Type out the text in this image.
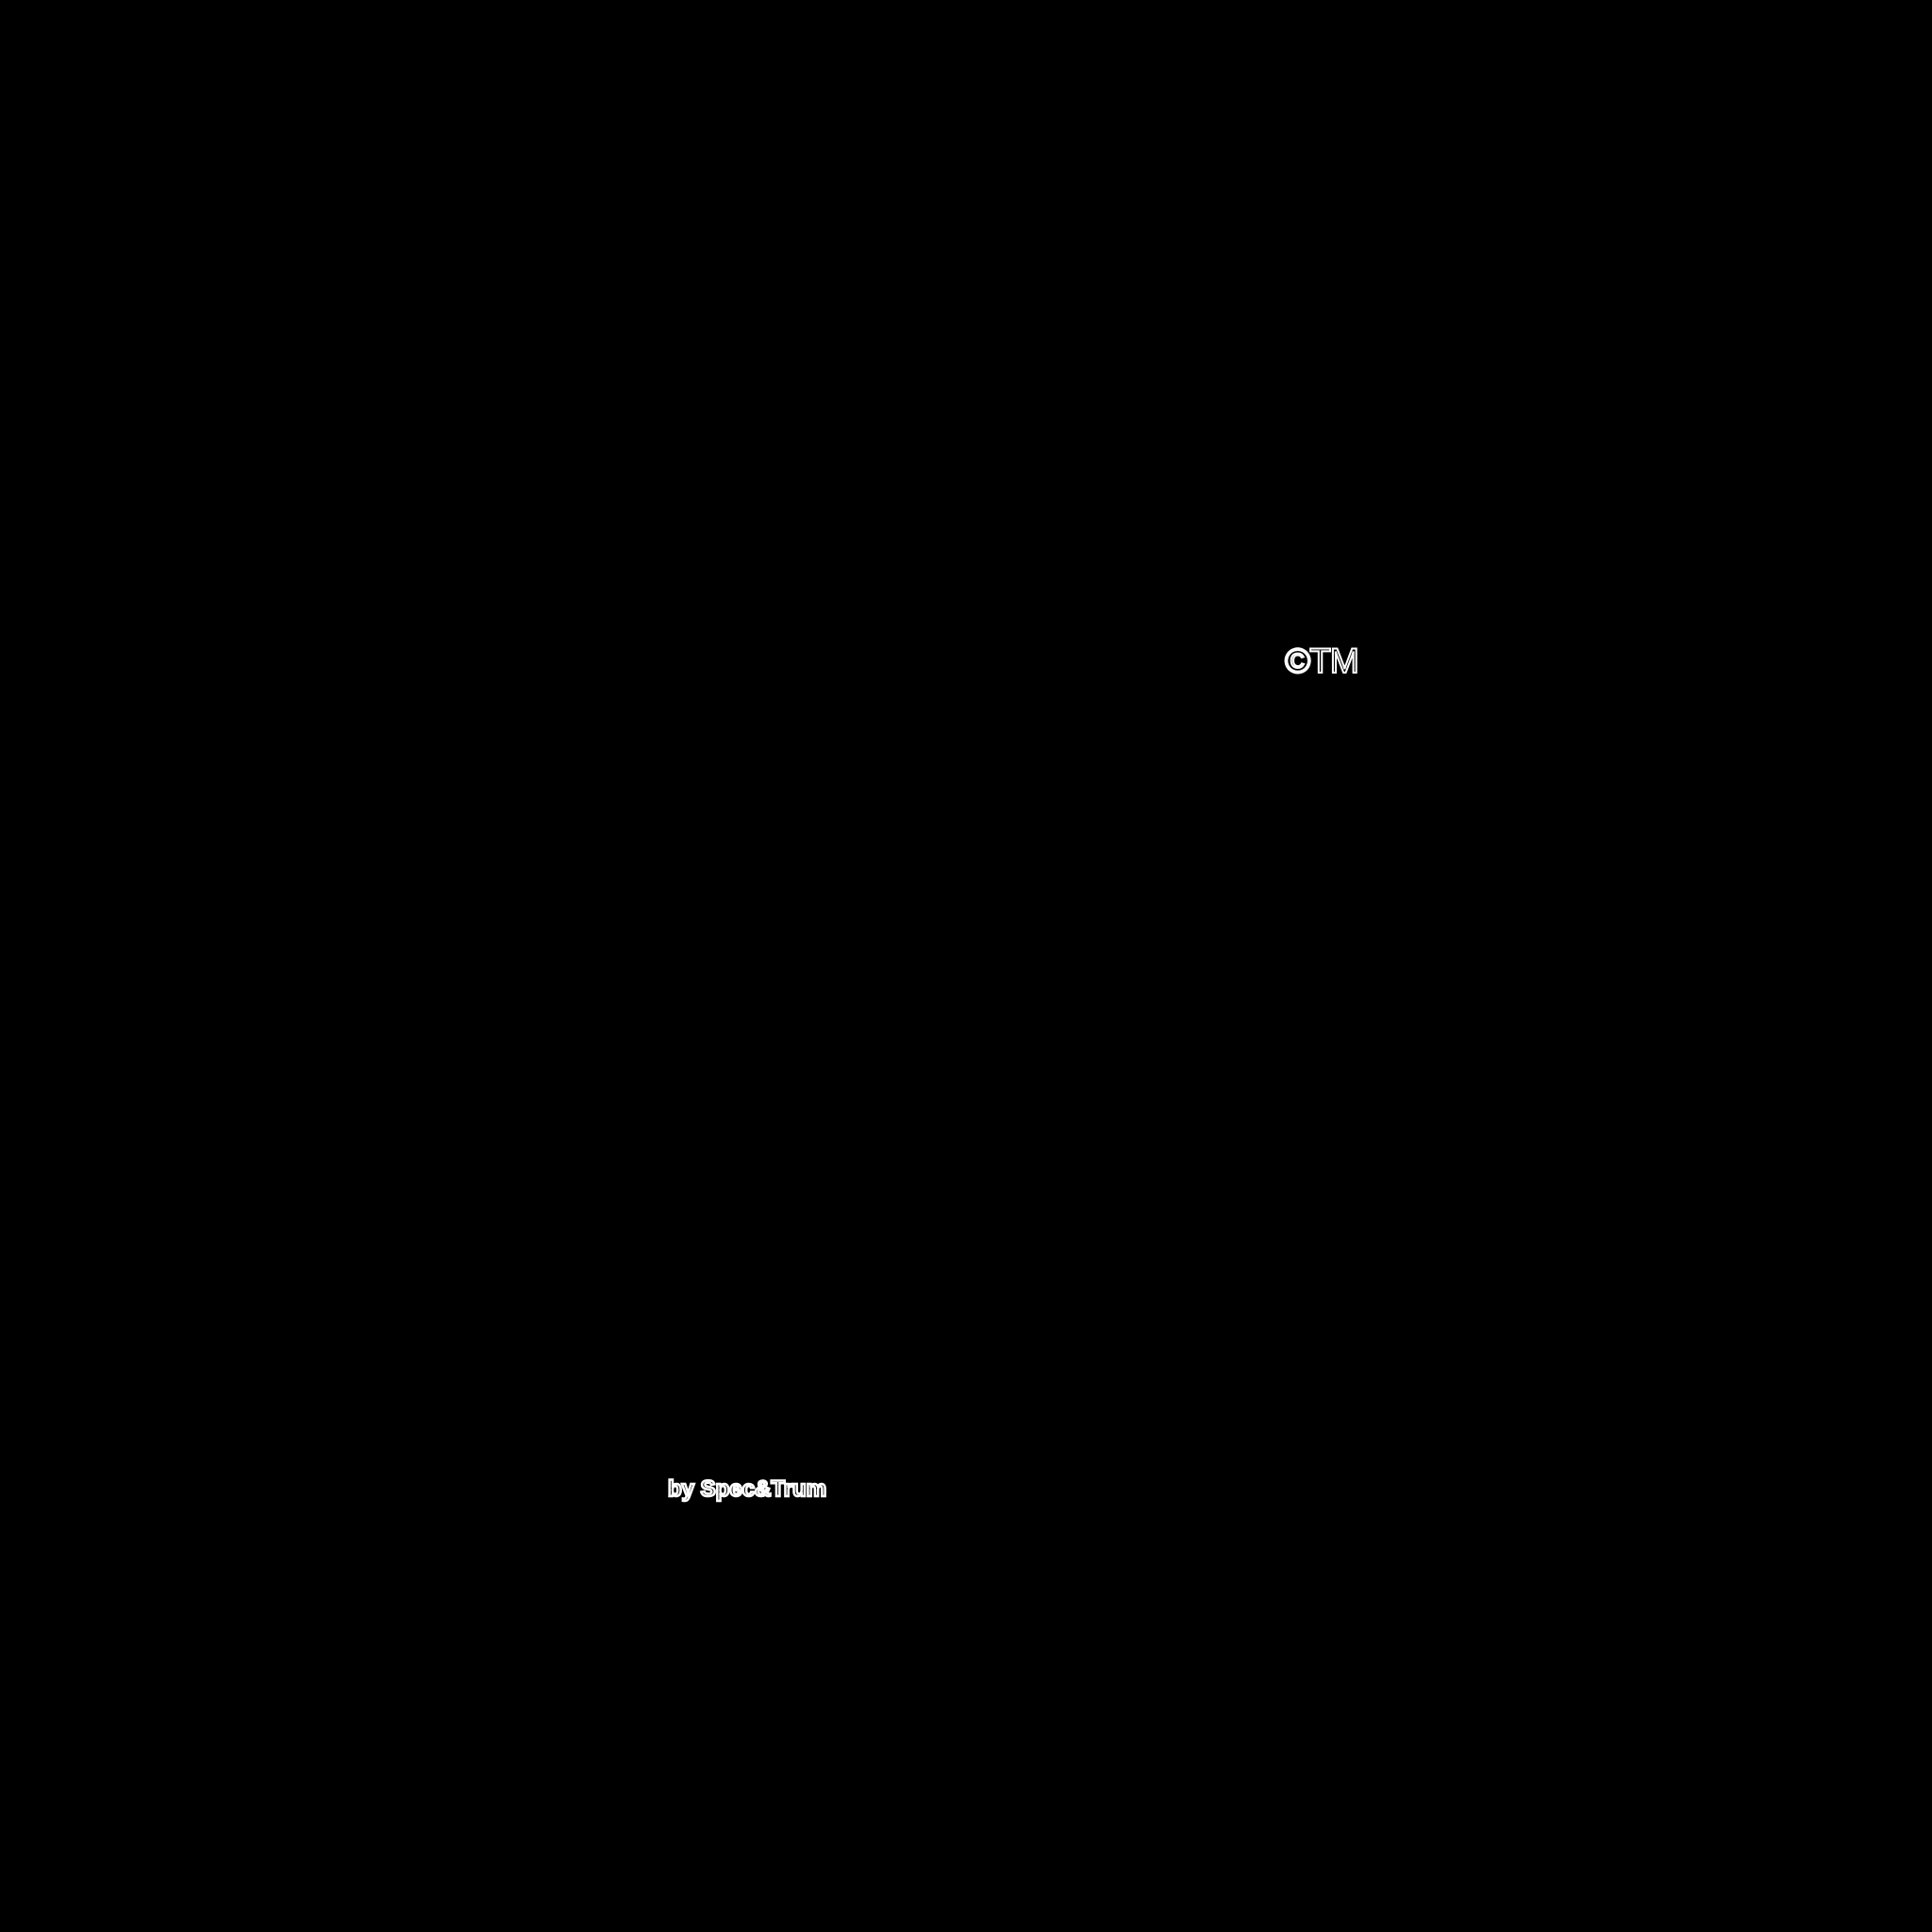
©TM
by Spec&Trum
